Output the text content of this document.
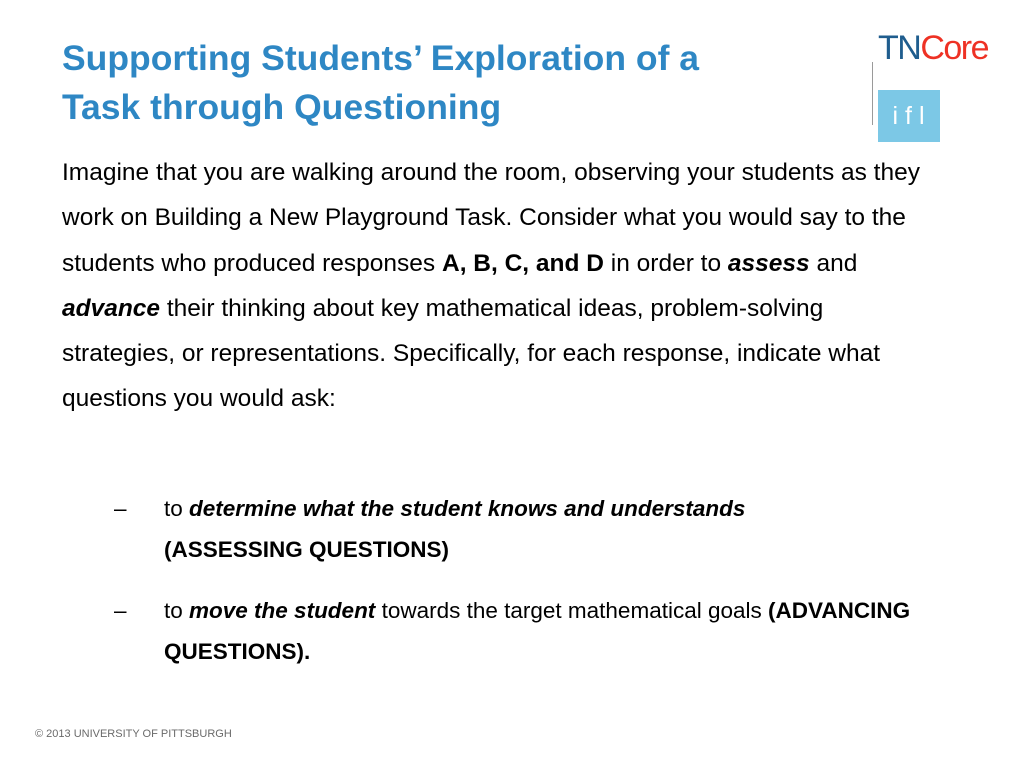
Supporting Students’ Exploration of a
Task through Questioning
TNCore
ifl

Imagine that you are walking around the room, observing your students as they work on Building a New Playground Task. Consider what you would say to the students who produced responses A, B, C, and D in order to assess and advance their thinking about key mathematical ideas, problem-solving strategies, or representations. Specifically, for each response, indicate what questions you would ask:

– to determine what the student knows and understands
(ASSESSING QUESTIONS)
– to move the student towards the target mathematical goals (ADVANCING QUESTIONS).
© 2013 UNIVERSITY OF PITTSBURGH
